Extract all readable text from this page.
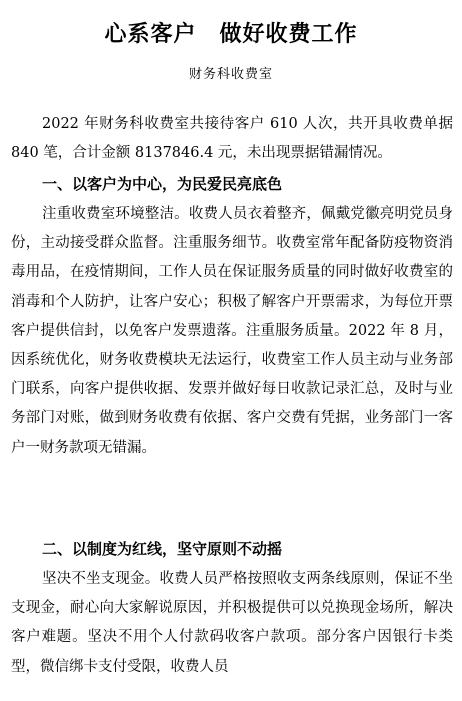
心系客户　做好收费工作
财务科收费室

2022 年财务科收费室共接待客户 610 人次，共开具收费单据 840 笔，合计金额 8137846.4 元，未出现票据错漏情况。

一、以客户为中心，为民爱民亮底色

注重收费室环境整洁。收费人员衣着整齐，佩戴党徽亮明党员身份，主动接受群众监督。注重服务细节。收费室常年配备防疫物资消毒用品，在疫情期间，工作人员在保证服务质量的同时做好收费室的消毒和个人防护，让客户安心；积极了解客户开票需求，为每位开票客户提供信封，以免客户发票遗落。注重服务质量。2022 年 8 月，因系统优化，财务收费模块无法运行，收费室工作人员主动与业务部门联系，向客户提供收据、发票并做好每日收款记录汇总，及时与业务部门对账，做到财务收费有依据、客户交费有凭据，业务部门一客户一财务款项无错漏。

二、以制度为红线，坚守原则不动摇

坚决不坐支现金。收费人员严格按照收支两条线原则，保证不坐支现金，耐心向大家解说原因，并积极提供可以兑换现金场所，解决客户难题。坚决不用个人付款码收客户款项。部分客户因银行卡类型，微信绑卡支付受限，收费人员
